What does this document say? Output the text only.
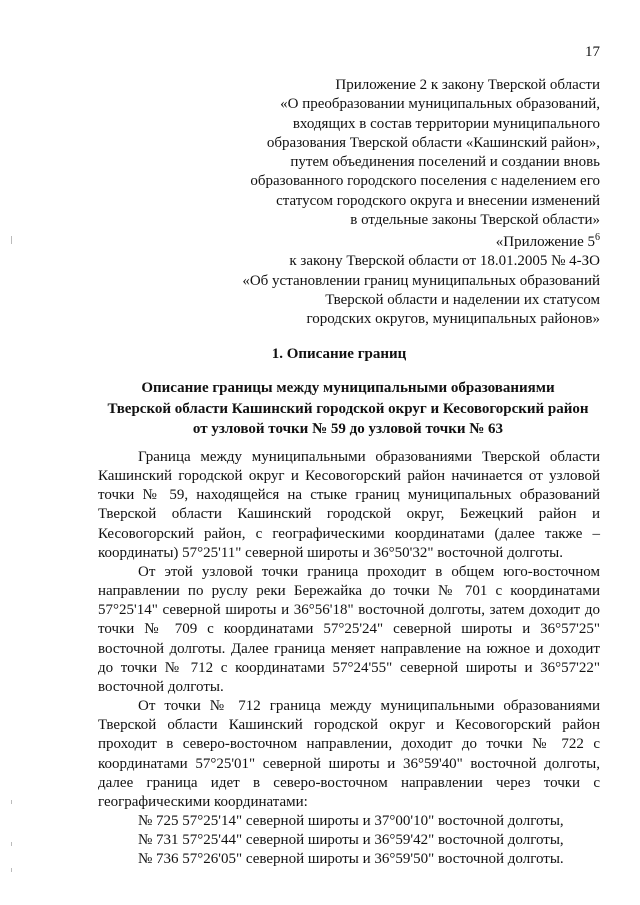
17
Приложение 2 к закону Тверской области
«О преобразовании муниципальных образований,
входящих в состав территории муниципального
образования Тверской области «Кашинский район»,
путем объединения поселений и создании вновь
образованного городского поселения с наделением его
статусом городского округа и внесении изменений
в отдельные законы Тверской области»
«Приложение $5^6$
к закону Тверской области от 18.01.2005 № 4-ЗО
«Об установлении границ муниципальных образований
Тверской области и наделении их статусом
городских округов, муниципальных районов»
1. Описание границ
Описание границы между муниципальными образованиями
Тверской области Кашинский городской округ и Кесовогорский район
от узловой точки № 59 до узловой точки № 63

Граница между муниципальными образованиями Тверской области Кашинский городской округ и Кесовогорский район начинается от узловой точки № 59, находящейся на стыке границ муниципальных образований Тверской области Кашинский городской округ, Бежецкий район и Кесовогорский район, с географическими координатами (далее также – координаты) 57°25'11" северной широты и 36°50'32" восточной долготы.

От этой узловой точки граница проходит в общем юго-восточном направлении по руслу реки Бережайка до точки № 701 с координатами 57°25'14" северной широты и 36°56'18" восточной долготы, затем доходит до точки № 709 с координатами 57°25'24" северной широты и 36°57'25" восточной долготы. Далее граница меняет направление на южное и доходит до точки № 712 с координатами 57°24'55" северной широты и 36°57'22" восточной долготы.

От точки № 712 граница между муниципальными образованиями Тверской области Кашинский городской округ и Кесовогорский район проходит в северо-восточном направлении, доходит до точки № 722 с координатами 57°25'01" северной широты и 36°59'40" восточной долготы, далее граница идет в северо-восточном направлении через точки с географическими координатами:

№ 725 57°25'14" северной широты и 37°00'10" восточной долготы,
№ 731 57°25'44" северной широты и 36°59'42" восточной долготы,
№ 736 57°26'05" северной широты и 36°59'50" восточной долготы.
